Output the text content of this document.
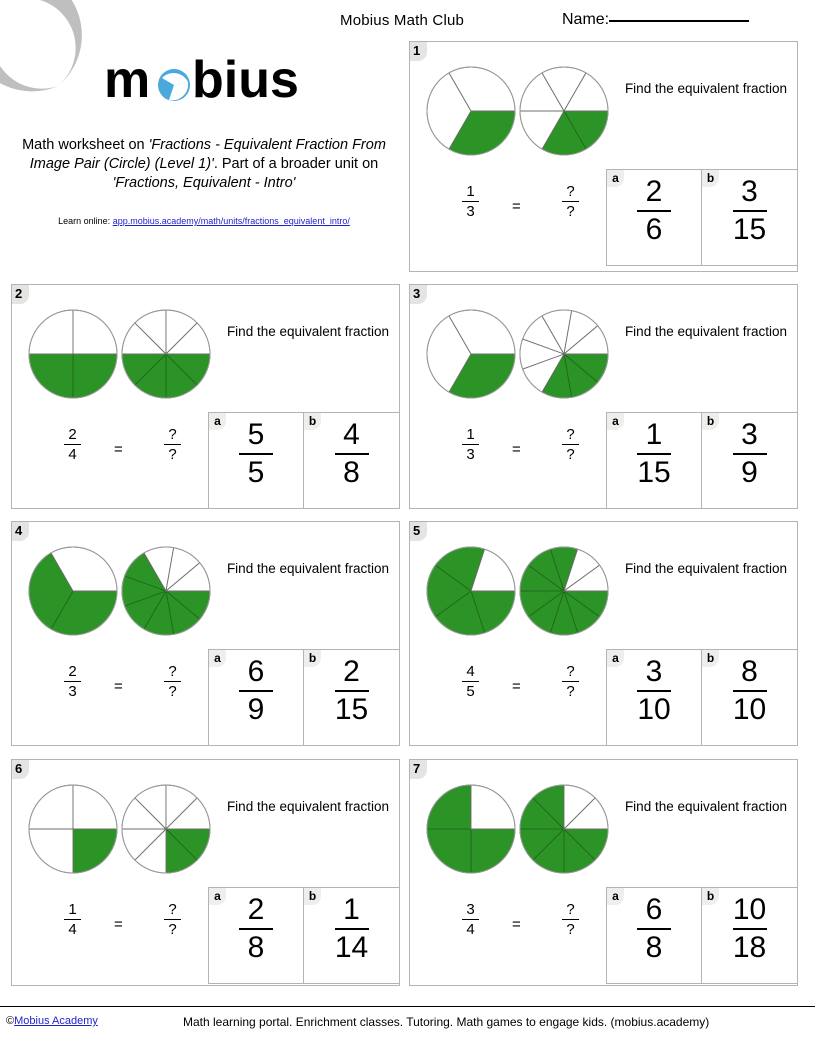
Mobius Math Club	Name:
m bius
Math worksheet on 'Fractions - Equivalent Fraction From Image Pair (Circle) (Level 1)'. Part of a broader unit on 'Fractions, Equivalent - Intro'
Learn online: app.mobius.academy/math/units/fractions_equivalent_intro/
1
Find the equivalent fraction
1
3 =
?
?
a 2
6
b 3
15
2
Find the equivalent fraction
2
4 =
?
?
a 5
5
b 4
8
3
Find the equivalent fraction
1
3 =
?
?
a 1
15
b 3
9
4
Find the equivalent fraction
2
3 =
?
?
a 6
9
b 2
15
5
Find the equivalent fraction
4
5 =
?
?
a 3
10
b 8
10
6
Find the equivalent fraction
1
4 =
?
?
a 2
8
b 1
14
7
Find the equivalent fraction
3
4 =
?
?
a 6
8
b 10
18
©Mobius Academy	Math learning portal. Enrichment classes. Tutoring. Math games to engage kids. (mobius.academy)
